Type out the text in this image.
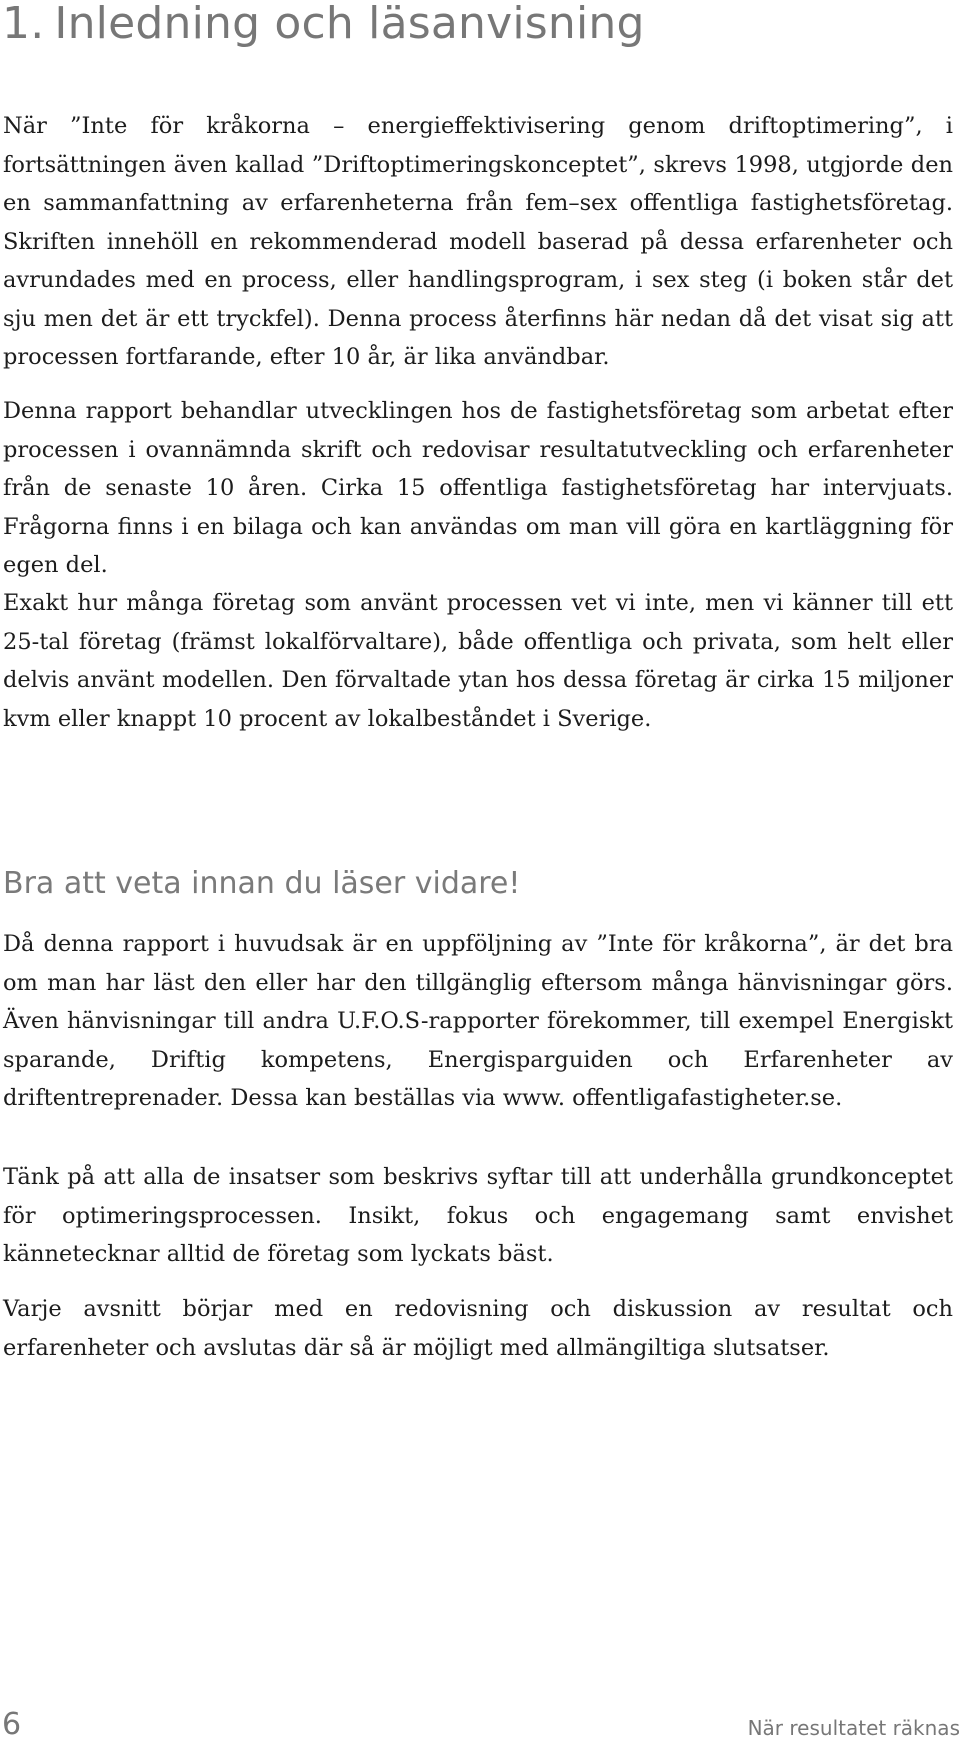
1. Inledning och läsanvisning

När ”Inte för kråkorna – energieffektivisering genom driftoptimering”, i fortsättningen även kallad ”Driftoptimeringskonceptet”, skrevs 1998, utgjorde den en sammanfattning av erfarenheterna från fem–sex offentliga fastighetsföretag. Skriften innehöll en rekommenderad modell baserad på dessa erfarenheter och avrundades med en process, eller handlingsprogram, i sex steg (i boken står det sju men det är ett tryckfel). Denna process återfinns här nedan då det visat sig att processen fortfarande, efter 10 år, är lika användbar.

Denna rapport behandlar utvecklingen hos de fastighetsföretag som arbetat efter processen i ovannämnda skrift och redovisar resultatutveckling och erfarenheter från de senaste 10 åren. Cirka 15 offentliga fastighetsföretag har intervjuats. Frågorna finns i en bilaga och kan användas om man vill göra en kartläggning för egen del.

Exakt hur många företag som använt processen vet vi inte, men vi känner till ett 25-tal företag (främst lokalförvaltare), både offentliga och privata, som helt eller delvis använt modellen. Den förvaltade ytan hos dessa företag är cirka 15 miljoner kvm eller knappt 10 procent av lokalbeståndet i Sverige.

Bra att veta innan du läser vidare!

Då denna rapport i huvudsak är en uppföljning av ”Inte för kråkorna”, är det bra om man har läst den eller har den tillgänglig eftersom många hänvisningar görs. Även hänvisningar till andra U.F.O.S-rapporter förekommer, till exempel Energiskt sparande, Driftig kompetens, Energisparguiden och Erfarenheter av driftentreprenader. Dessa kan beställas via www. offentligafastigheter.se.

Tänk på att alla de insatser som beskrivs syftar till att underhålla grundkonceptet för optimeringsprocessen. Insikt, fokus och engagemang samt envishet kännetecknar alltid de företag som lyckats bäst.

Varje avsnitt börjar med en redovisning och diskussion av resultat och erfarenheter och avslutas där så är möjligt med allmängiltiga slutsatser.

6	När resultatet räknas
